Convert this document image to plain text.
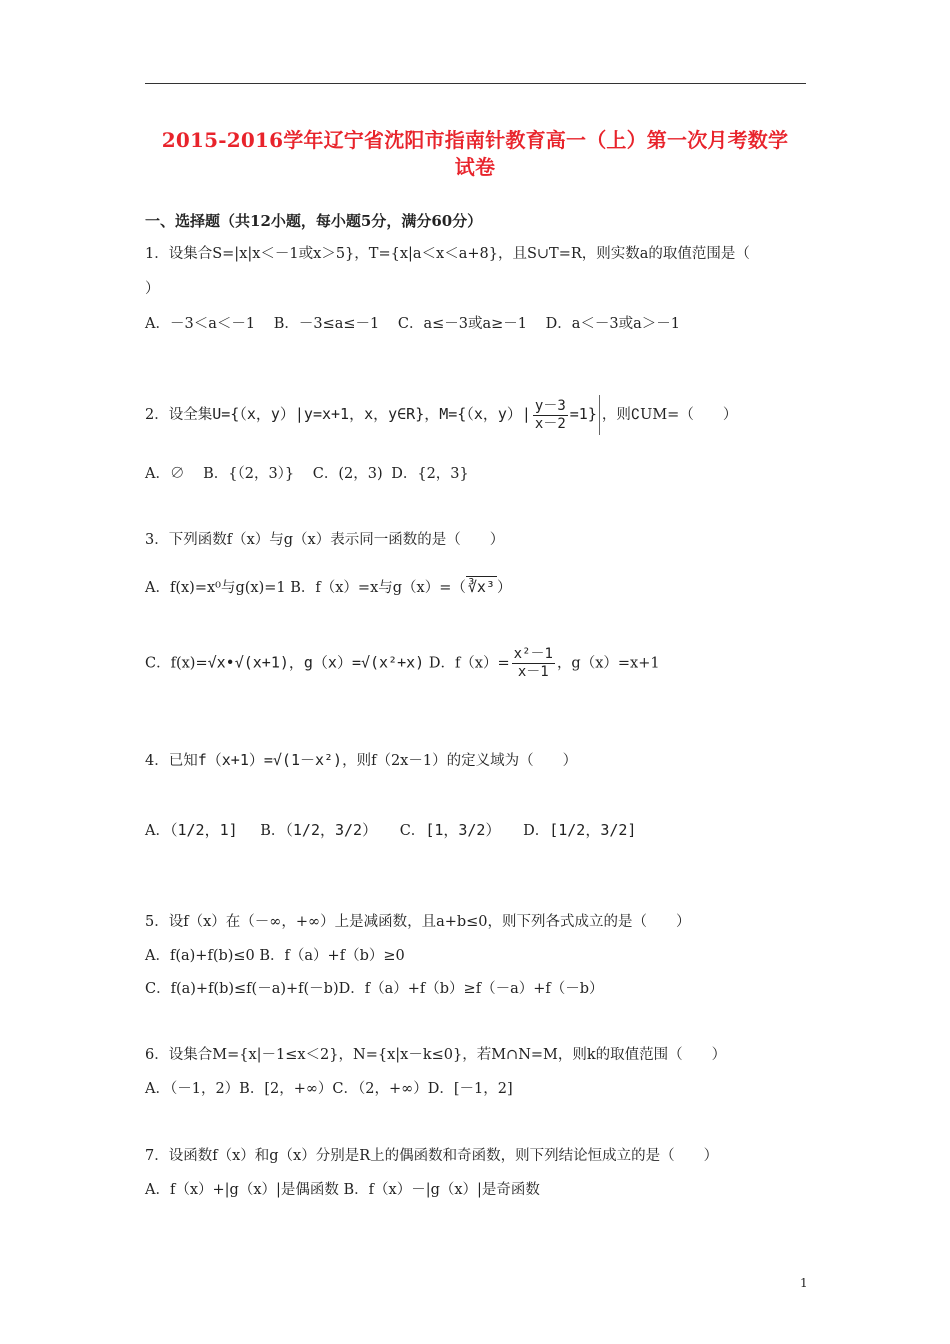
2015-2016学年辽宁省沈阳市指南针教育高一（上）第一次月考数学
试卷
一、选择题（共12小题，每小题5分，满分60分）
1．设集合S=|x|x＜－1或x＞5}，T={x|a＜x＜a+8}，且S∪T=R，则实数a的取值范围是（
）
A．－3＜a＜－1 B．－3≤a≤－1 C．a≤－3或a≥－1 D．a＜－3或a＞－1
2．设全集U={（x，y）|y=x+1，x，y∈R}，M={（x，$y)| \frac{y-3}{x-2} =1$} ，则∁UM=（　　）
A．∅ B．{（2，3）} C．(2，3) D．{2，3}
3．下列函数f（x）与g（x）表示同一函数的是（　　）
A．f(x)=x⁰与g(x)=1 B．f（x）=x与g（x）=（ ∛x³ ）
C．f(x)=√x•√(x+1)，g（x）=√(x²+x) D．$f(x)= \frac{\text{x²－1}}{x-1}$ ，g（x）=x+1
4．已知f（x+1）=√(1－x²)，则f（2x－1）的定义域为（　　）
A．（1/2，1] B．（1/2，3/2） C．[1，3/2） D．[1/2，3/2]
5．设f（x）在（－∞，+∞）上是减函数，且a+b≤0，则下列各式成立的是（　　）
A．f(a)+f(b)≤0 B．f（a）+f（b）≥0
C．f(a)+f(b)≤f(－a)+f(－b)D．f（a）+f（b）≥f（－a）+f（－b）
6．设集合M={x|－1≤x＜2}，N={x|x－k≤0}，若M∩N=M，则k的取值范围（　　）
A．（－1，2）B．[2，+∞）C．（2，+∞）D．[－1，2]
7．设函数f（x）和g（x）分别是R上的偶函数和奇函数，则下列结论恒成立的是（　　）
A．f（x）+|g（x）|是偶函数 B．f（x）－|g（x）|是奇函数
1
